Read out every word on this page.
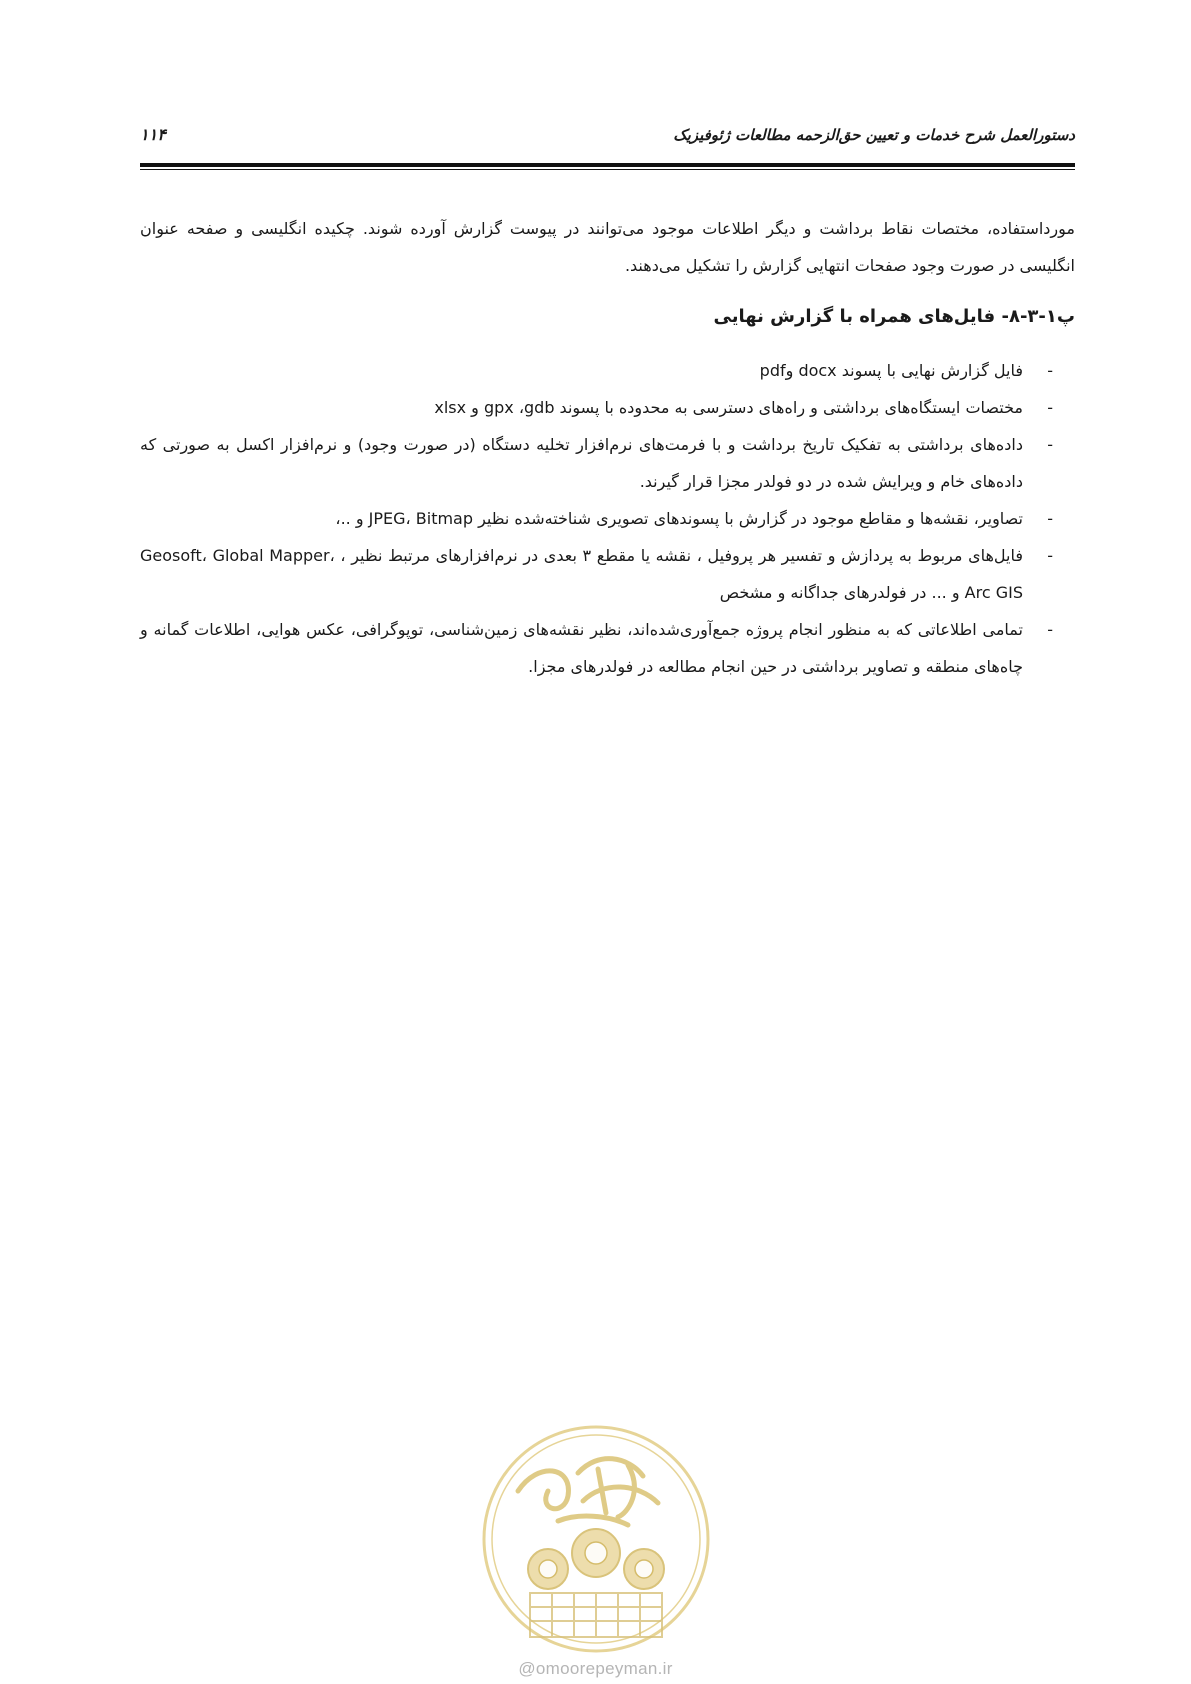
دستورالعمل شرح خدمات و تعیین حق‌الزحمه مطالعات ژئوفیزیک
۱۱۴

مورداستفاده، مختصات نقاط برداشت و دیگر اطلاعات موجود می‌توانند در پیوست گزارش آورده شوند. چکیده انگلیسی و صفحه عنوان انگلیسی در صورت وجود صفحات انتهایی گزارش را تشکیل می‌دهند.

پ۱-۳-۸- فایل‌های همراه با گزارش نهایی
-
فایل گزارش نهایی با پسوند docx وpdf
-
مختصات ایستگاه‌های برداشتی و راه‌های دسترسی به محدوده با پسوند gpx ،gdb و xlsx
-
داده‌های برداشتی به تفکیک تاریخ برداشت و با فرمت‌های نرم‌افزار تخلیه دستگاه (در صورت وجود) و نرم‌افزار اکسل به صورتی که داده‌های خام و ویرایش شده در دو فولدر مجزا قرار گیرند.
-
تصاویر، نقشه‌ها و مقاطع موجود در گزارش با پسوندهای تصویری شناخته‌شده نظیر JPEG، Bitmap و ..،
-
فایل‌های مربوط به پردازش و تفسیر هر پروفیل ، نقشه یا مقطع ۳ بعدی در نرم‌افزارهای مرتبط نظیر ، Geosoft، Global Mapper، Arc GIS و ... در فولدرهای جداگانه و مشخص
-
تمامی اطلاعاتی که به منظور انجام پروژه جمع‌آوری‌شده‌اند، نظیر نقشه‌های زمین‌شناسی، توپوگرافی، عکس هوایی، اطلاعات گمانه و چاه‌های منطقه و تصاویر برداشتی در حین انجام مطالعه در فولدرهای مجزا.
@omoorepeyman.ir
